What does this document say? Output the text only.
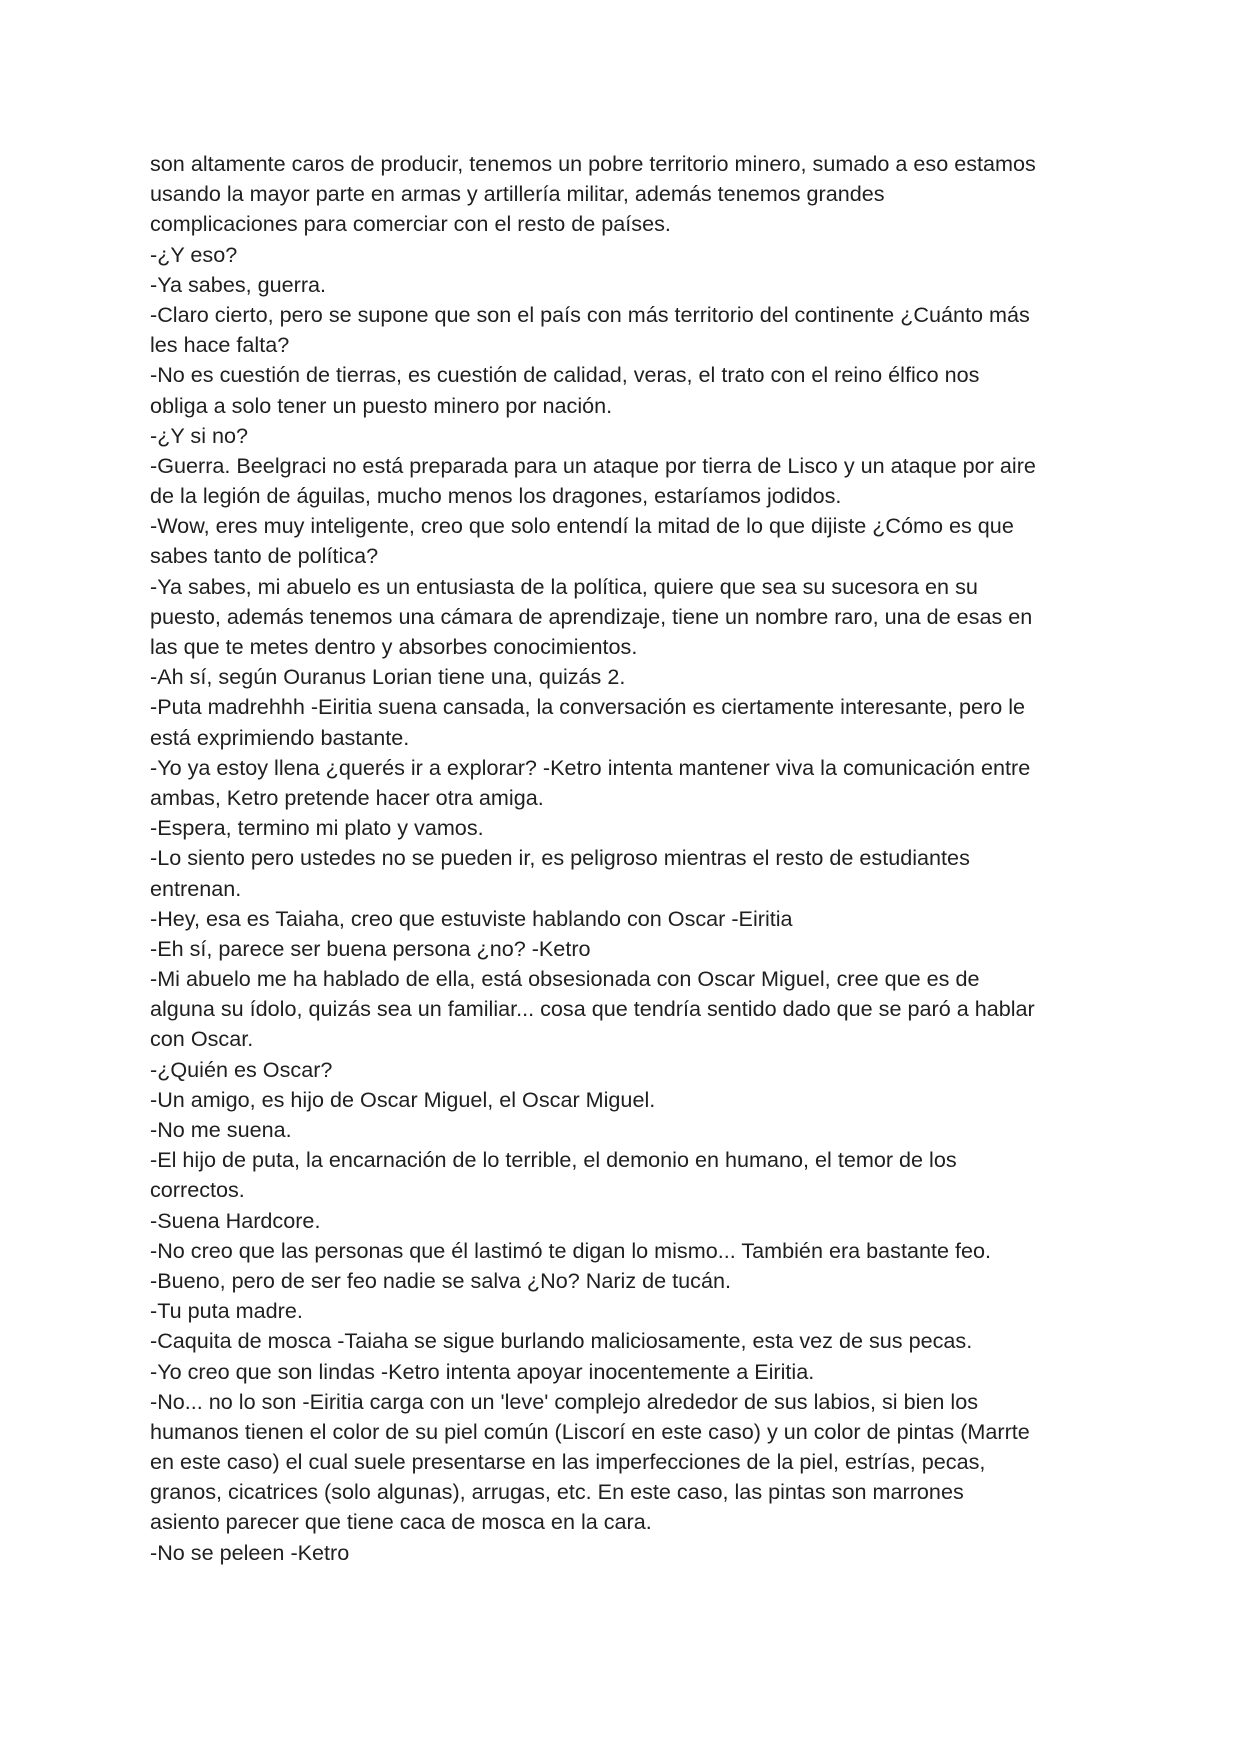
son altamente caros de producir, tenemos un pobre territorio minero, sumado a eso estamos
usando la mayor parte en armas y artillería militar, además tenemos grandes
complicaciones para comerciar con el resto de países.
-¿Y eso?
-Ya sabes, guerra.
-Claro cierto, pero se supone que son el país con más territorio del continente ¿Cuánto más
les hace falta?
-No es cuestión de tierras, es cuestión de calidad, veras, el trato con el reino élfico nos
obliga a solo tener un puesto minero por nación.
-¿Y si no?
-Guerra. Beelgraci no está preparada para un ataque por tierra de Lisco y un ataque por aire
de la legión de águilas, mucho menos los dragones, estaríamos jodidos.
-Wow, eres muy inteligente, creo que solo entendí la mitad de lo que dijiste ¿Cómo es que
sabes tanto de política?
-Ya sabes, mi abuelo es un entusiasta de la política, quiere que sea su sucesora en su
puesto, además tenemos una cámara de aprendizaje, tiene un nombre raro, una de esas en
las que te metes dentro y absorbes conocimientos.
-Ah sí, según Ouranus Lorian tiene una, quizás 2.
-Puta madrehhh -Eiritia suena cansada, la conversación es ciertamente interesante, pero le
está exprimiendo bastante.
-Yo ya estoy llena ¿querés ir a explorar? -Ketro intenta mantener viva la comunicación entre
ambas, Ketro pretende hacer otra amiga.
-Espera, termino mi plato y vamos.
-Lo siento pero ustedes no se pueden ir, es peligroso mientras el resto de estudiantes
entrenan.
-Hey, esa es Taiaha, creo que estuviste hablando con Oscar -Eiritia
-Eh sí, parece ser buena persona ¿no? -Ketro
-Mi abuelo me ha hablado de ella, está obsesionada con Oscar Miguel, cree que es de
alguna su ídolo, quizás sea un familiar... cosa que tendría sentido dado que se paró a hablar
con Oscar.
-¿Quién es Oscar?
-Un amigo, es hijo de Oscar Miguel, el Oscar Miguel.
-No me suena.
-El hijo de puta, la encarnación de lo terrible, el demonio en humano, el temor de los
correctos.
-Suena Hardcore.
-No creo que las personas que él lastimó te digan lo mismo... También era bastante feo.
-Bueno, pero de ser feo nadie se salva ¿No? Nariz de tucán.
-Tu puta madre.
-Caquita de mosca -Taiaha se sigue burlando maliciosamente, esta vez de sus pecas.
-Yo creo que son lindas -Ketro intenta apoyar inocentemente a Eiritia.
-No... no lo son -Eiritia carga con un 'leve' complejo alrededor de sus labios, si bien los
humanos tienen el color de su piel común (Liscorí en este caso) y un color de pintas (Marrte
en este caso) el cual suele presentarse en las imperfecciones de la piel, estrías, pecas,
granos, cicatrices (solo algunas), arrugas, etc. En este caso, las pintas son marrones
asiento parecer que tiene caca de mosca en la cara.
-No se peleen -Ketro
